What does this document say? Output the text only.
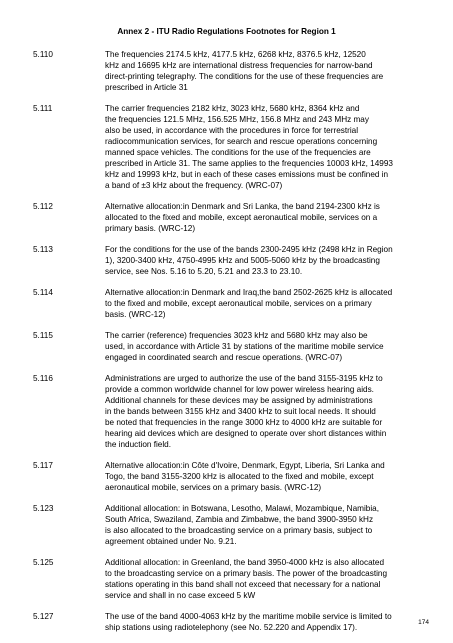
Annex 2 - ITU Radio Regulations Footnotes for Region 1
5.110	The frequencies 2174.5 kHz, 4177.5 kHz, 6268 kHz, 8376.5 kHz, 12520
kHz and 16695 kHz are international distress frequencies for narrow-band
direct-printing telegraphy. The conditions for the use of these frequencies are
prescribed in Article 31
5.111	The carrier frequencies 2182 kHz, 3023 kHz, 5680 kHz, 8364 kHz and
the frequencies 121.5 MHz, 156.525 MHz, 156.8 MHz and 243 MHz may
also be used, in accordance with the procedures in force for terrestrial
radiocommunication services, for search and rescue operations concerning
manned space vehicles. The conditions for the use of the frequencies are
prescribed in Article 31. The same applies to the frequencies 10003 kHz, 14993
kHz and 19993 kHz, but in each of these cases emissions must be confined in
a band of ±3 kHz about the frequency. (WRC-07)
5.112	Alternative allocation:in Denmark and Sri Lanka, the band 2194-2300 kHz is
allocated to the fixed and mobile, except aeronautical mobile, services on a
primary basis. (WRC-12)
5.113	For the conditions for the use of the bands 2300-2495 kHz (2498 kHz in Region
1), 3200-3400 kHz, 4750-4995 kHz and 5005-5060 kHz by the broadcasting
service, see Nos. 5.16 to 5.20, 5.21 and 23.3 to 23.10.
5.114	Alternative allocation:in Denmark and Iraq,the band 2502-2625 kHz is allocated
to the fixed and mobile, except aeronautical mobile, services on a primary
basis. (WRC-12)
5.115	The carrier (reference) frequencies 3023 kHz and 5680 kHz may also be
used, in accordance with Article 31 by stations of the maritime mobile service
engaged in coordinated search and rescue operations. (WRC-07)
5.116	Administrations are urged to authorize the use of the band 3155-3195 kHz to
provide a common worldwide channel for low power wireless hearing aids.
Additional channels for these devices may be assigned by administrations
in the bands between 3155 kHz and 3400 kHz to suit local needs. It should
be noted that frequencies in the range 3000 kHz to 4000 kHz are suitable for
hearing aid devices which are designed to operate over short distances within
the induction field.
5.117	Alternative allocation:in Côte d'Ivoire, Denmark, Egypt, Liberia, Sri Lanka and
Togo, the band 3155-3200 kHz is allocated to the fixed and mobile, except
aeronautical mobile, services on a primary basis. (WRC-12)
5.123	Additional allocation: in Botswana, Lesotho, Malawi, Mozambique, Namibia,
South Africa, Swaziland, Zambia and Zimbabwe, the band 3900-3950 kHz
is also allocated to the broadcasting service on a primary basis, subject to
agreement obtained under No. 9.21.
5.125	Additional allocation: in Greenland, the band 3950-4000 kHz is also allocated
to the broadcasting service on a primary basis. The power of the broadcasting
stations operating in this band shall not exceed that necessary for a national
service and shall in no case exceed 5 kW
5.127	The use of the band 4000-4063 kHz by the maritime mobile service is limited to
ship stations using radiotelephony (see No. 52.220 and Appendix 17).
174
